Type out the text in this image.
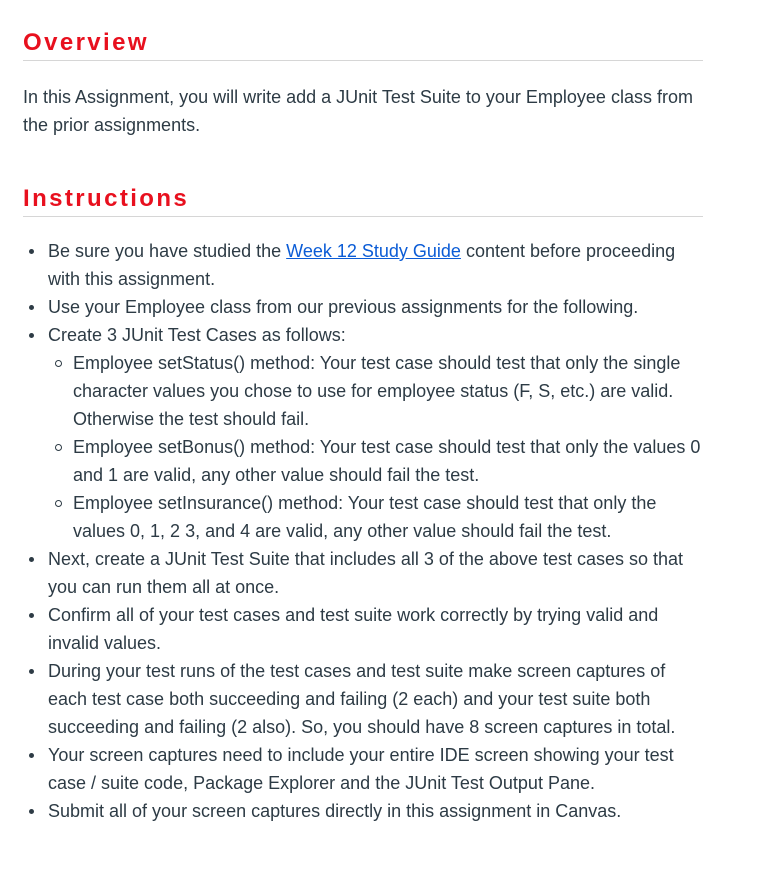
Overview

In this Assignment, you will write add a JUnit Test Suite to your Employee class from the prior assignments.

Instructions
Be sure you have studied the Week 12 Study Guide content before proceeding with this assignment.
Use your Employee class from our previous assignments for the following.
Create 3 JUnit Test Cases as follows:
Employee setStatus() method: Your test case should test that only the single character values you chose to use for employee status (F, S, etc.) are valid. Otherwise the test should fail.
Employee setBonus() method: Your test case should test that only the values 0 and 1 are valid, any other value should fail the test.
Employee setInsurance() method: Your test case should test that only the values 0, 1, 2 3, and 4 are valid, any other value should fail the test.
Next, create a JUnit Test Suite that includes all 3 of the above test cases so that you can run them all at once.
Confirm all of your test cases and test suite work correctly by trying valid and invalid values.
During your test runs of the test cases and test suite make screen captures of each test case both succeeding and failing (2 each) and your test suite both succeeding and failing (2 also). So, you should have 8 screen captures in total.
Your screen captures need to include your entire IDE screen showing your test case / suite code, Package Explorer and the JUnit Test Output Pane.
Submit all of your screen captures directly in this assignment in Canvas.
